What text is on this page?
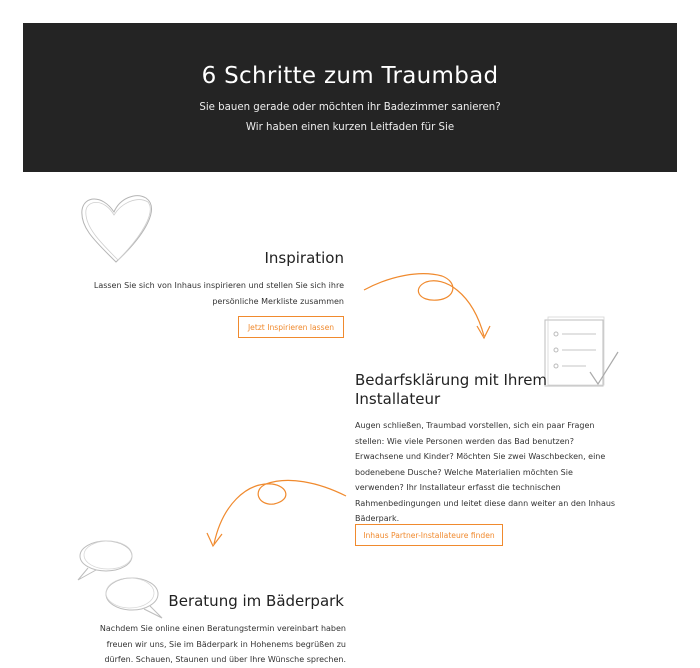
6 Schritte zum Traumbad

Sie bauen gerade oder möchten ihr Badezimmer sanieren? Wir haben einen kurzen Leitfaden für Sie

Inspiration

Lassen Sie sich von Inhaus inspirieren und stellen Sie sich ihre persönliche Merkliste zusammen

Jetzt Inspirieren lassen
Bedarfsklärung mit Ihrem Installateur

Augen schließen, Traumbad vorstellen, sich ein paar Fragen stellen: Wie viele Personen werden das Bad benutzen? Erwachsene und Kinder? Möchten Sie zwei Waschbecken, eine bodenebene Dusche? Welche Materialien möchten Sie verwenden? Ihr Installateur erfasst die technischen Rahmenbedingungen und leitet diese dann weiter an den Inhaus Bäderpark.

Inhaus Partner-Installateure finden
Beratung im Bäderpark

Nachdem Sie online einen Beratungstermin vereinbart haben freuen wir uns, Sie im Bäderpark in Hohenems begrüßen zu dürfen. Schauen, Staunen und über Ihre Wünsche sprechen.
